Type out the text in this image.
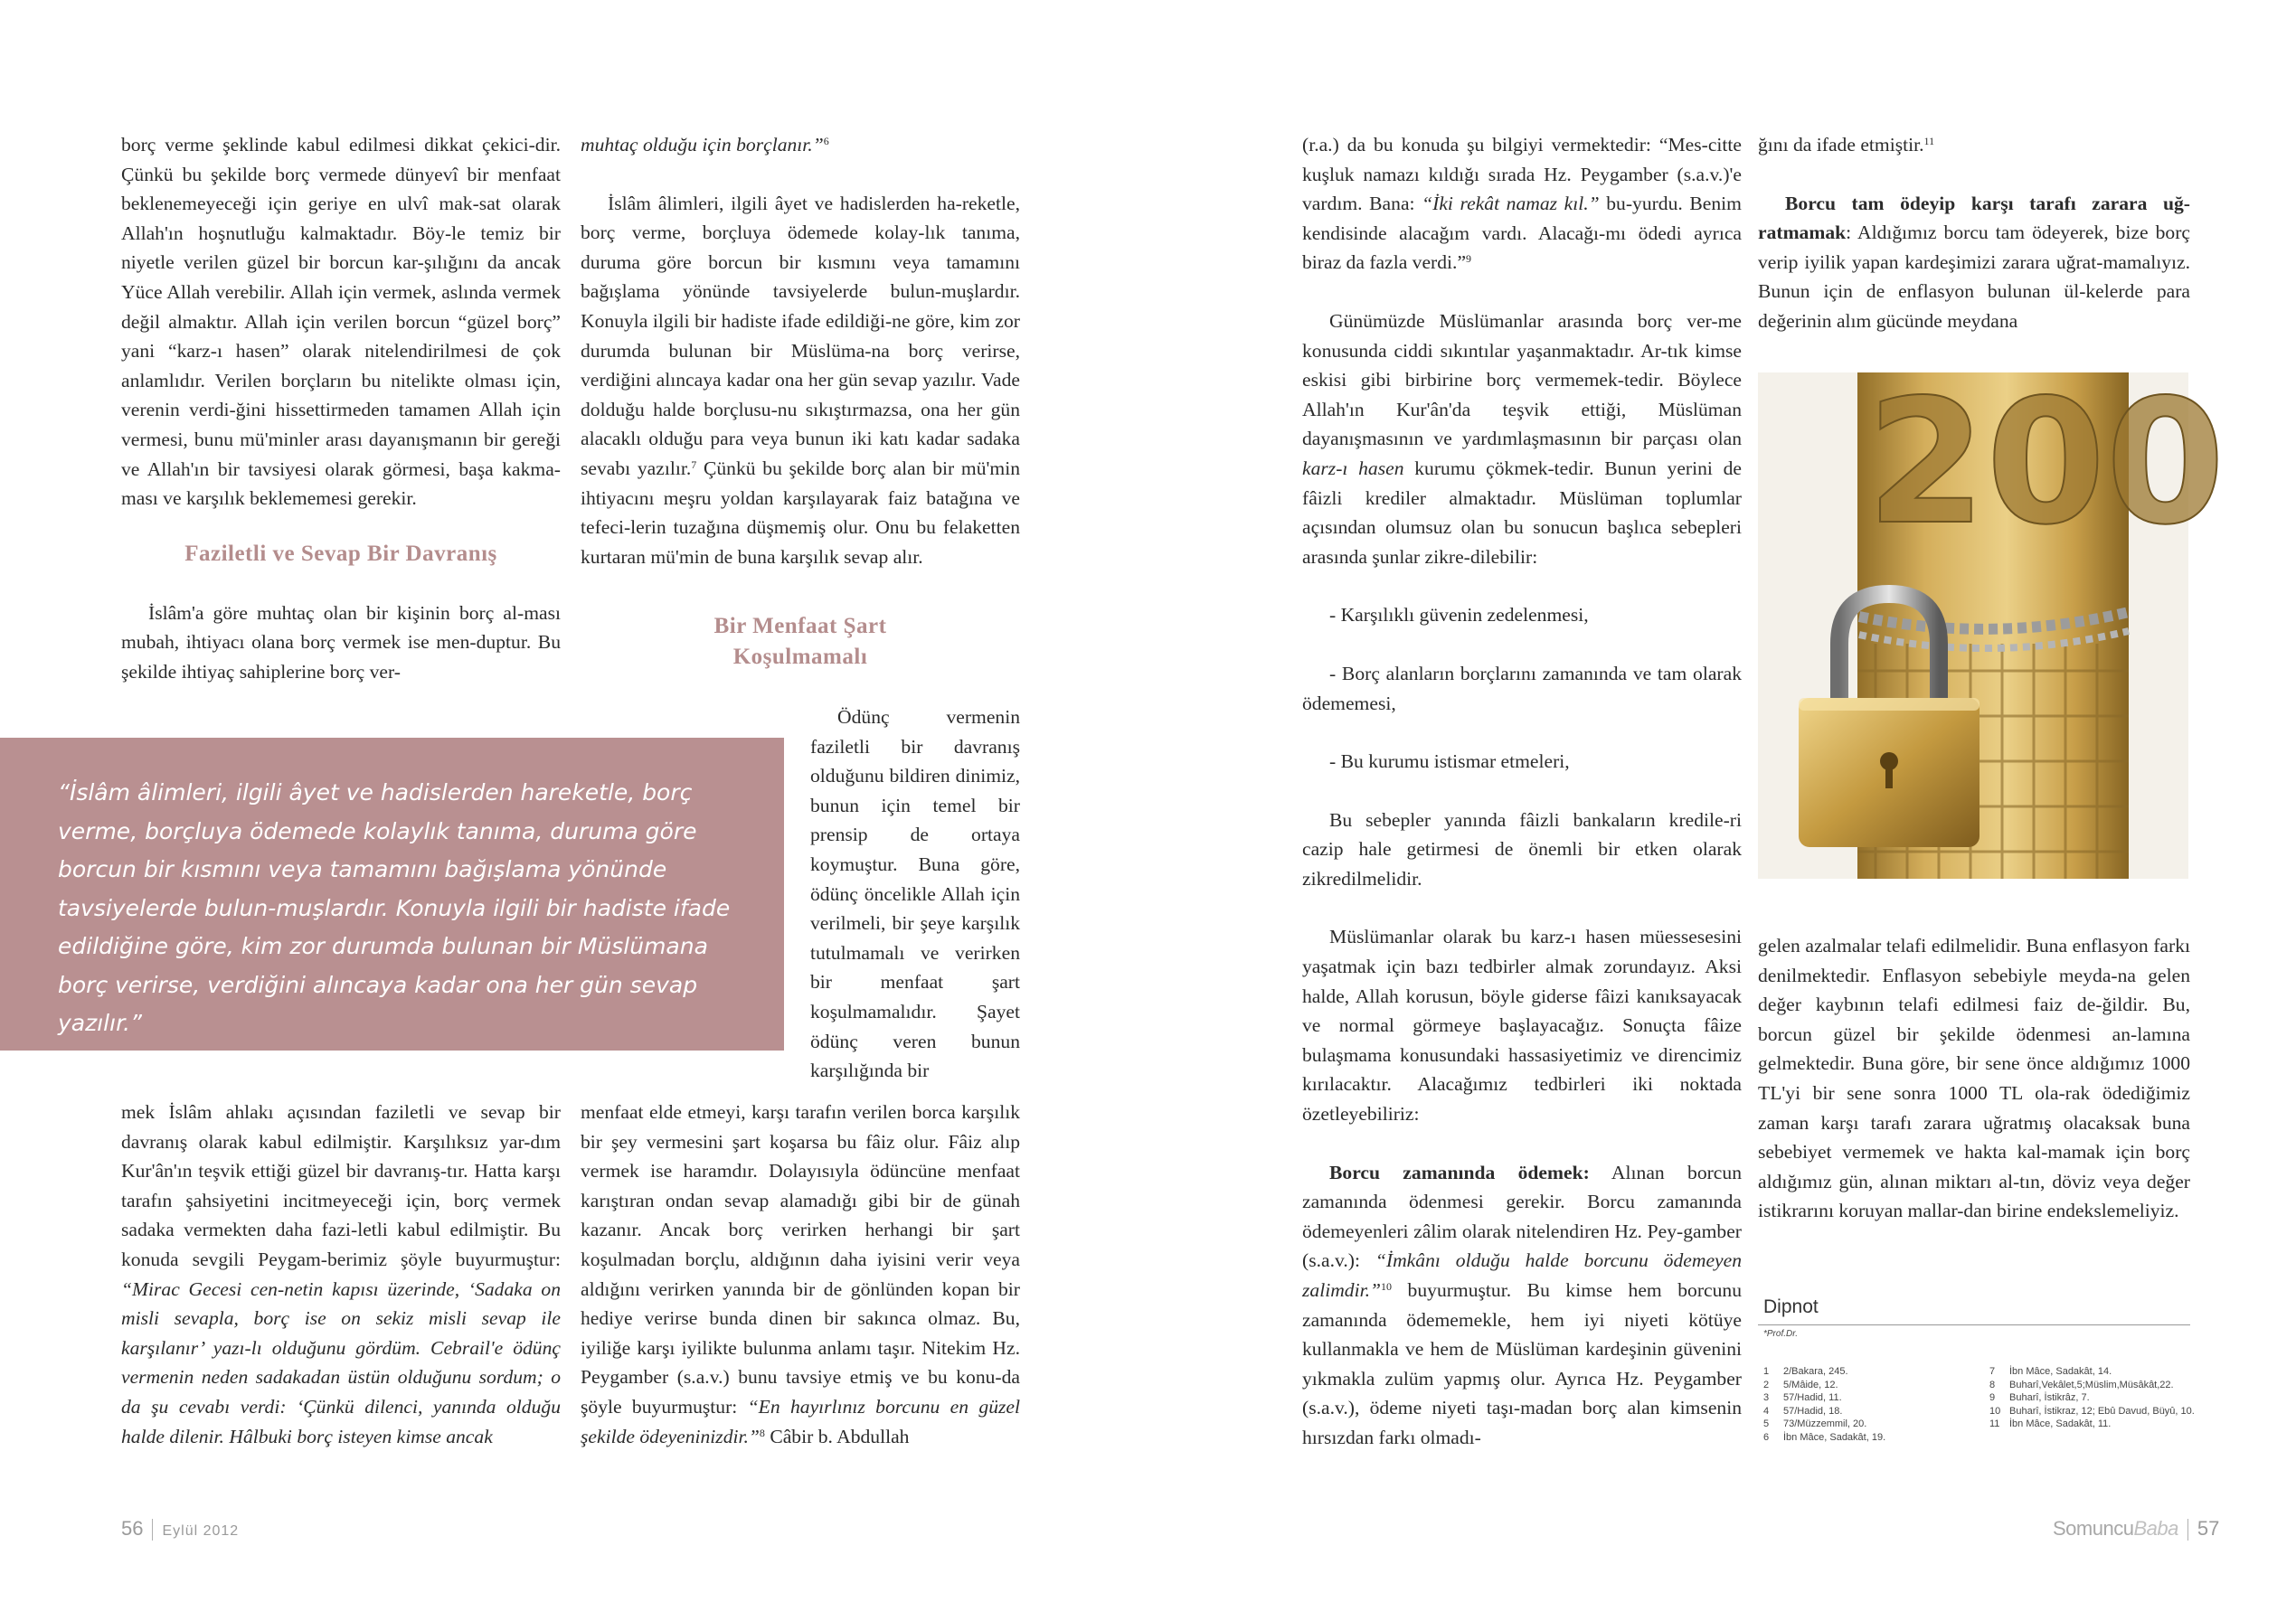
borç verme şeklinde kabul edilmesi dikkat çekici-dir. Çünkü bu şekilde borç vermede dünyevî bir menfaat beklenemeyeceği için geriye en ulvî mak-sat olarak Allah'ın hoşnutluğu kalmaktadır. Böy-le temiz bir niyetle verilen güzel bir borcun kar-şılığını da ancak Yüce Allah verebilir. Allah için vermek, aslında vermek değil almaktır. Allah için verilen borcun “güzel borç” yani “karz-ı hasen” olarak nitelendirilmesi de çok anlamlıdır. Verilen borçların bu nitelikte olması için, verenin verdi-ğini hissettirmeden tamamen Allah için vermesi, bunu mü'minler arası dayanışmanın bir gereği ve Allah'ın bir tavsiyesi olarak görmesi, başa kakma-ması ve karşılık beklememesi gerekir.

Faziletli ve Sevap Bir Davranış

İslâm'a göre muhtaç olan bir kişinin borç al-ması mubah, ihtiyacı olana borç vermek ise men-duptur. Bu şekilde ihtiyaç sahiplerine borç ver-

“İslâm âlimleri, ilgili âyet ve hadislerden hareketle, borç verme, borçluya ödemede kolaylık tanıma, duruma göre borcun bir kısmını veya tamamını bağışlama yönünde tavsiyelerde bulun-muşlardır. Konuyla ilgili bir hadiste ifade edildiğine göre, kim zor durumda bulunan bir Müslümana borç verirse, verdiğini alıncaya kadar ona her gün sevap yazılır.”

mek İslâm ahlakı açısından faziletli ve sevap bir davranış olarak kabul edilmiştir. Karşılıksız yar-dım Kur'ân'ın teşvik ettiği güzel bir davranış-tır. Hatta karşı tarafın şahsiyetini incitmeyeceği için, borç vermek sadaka vermekten daha fazi-letli kabul edilmiştir. Bu konuda sevgili Peygam-berimiz şöyle buyurmuştur: “Mirac Gecesi cen-netin kapısı üzerinde, ‘Sadaka on misli sevapla, borç ise on sekiz misli sevap ile karşılanır’ yazı-lı olduğunu gördüm. Cebrail'e ödünç vermenin neden sadakadan üstün olduğunu sordum; o da şu cevabı verdi: ‘Çünkü dilenci, yanında olduğu halde dilenir. Hâlbuki borç isteyen kimse ancak

muhtaç olduğu için borçlanır.”$^6$

İslâm âlimleri, ilgili âyet ve hadislerden ha-reketle, borç verme, borçluya ödemede kolay-lık tanıma, duruma göre borcun bir kısmını veya tamamını bağışlama yönünde tavsiyelerde bulun-muşlardır. Konuyla ilgili bir hadiste ifade edildiği-ne göre, kim zor durumda bulunan bir Müslüma-na borç verirse, verdiğini alıncaya kadar ona her gün sevap yazılır. Vade dolduğu halde borçlusu-nu sıkıştırmazsa, ona her gün alacaklı olduğu para veya bunun iki katı kadar sadaka sevabı yazılır.$^7$ Çünkü bu şekilde borç alan bir mü'min ihtiyacını meşru yoldan karşılayarak faiz batağına ve tefeci-lerin tuzağına düşmemiş olur. Onu bu felaketten kurtaran mü'min de buna karşılık sevap alır.

Bir Menfaat Şart
Koşulmamalı

Ödünç vermenin faziletli bir davranış olduğunu bildiren dinimiz, bunun için temel bir prensip de ortaya koymuştur. Buna göre, ödünç öncelikle Allah için verilmeli, bir şeye karşılık tutulmamalı ve verirken bir menfaat şart koşulmamalıdır. Şayet ödünç veren bunun karşılığında bir

menfaat elde etmeyi, karşı tarafın verilen borca karşılık bir şey vermesini şart koşarsa bu fâiz olur. Fâiz alıp vermek ise haramdır. Dolayısıyla ödüncüne menfaat karıştıran ondan sevap alamadığı gibi bir de günah kazanır. Ancak borç verirken herhangi bir şart koşulmadan borçlu, aldığının daha iyisini verir veya aldığını verirken yanında bir de gönlünden kopan bir hediye verirse bunda dinen bir sakınca olmaz. Bu, iyiliğe karşı iyilikte bulunma anlamı taşır. Nitekim Hz. Peygamber (s.a.v.) bunu tavsiye etmiş ve bu konu-da şöyle buyurmuştur: “En hayırlınız borcunu en güzel şekilde ödeyeninizdir.”$^8$ Câbir b. Abdullah

56 Eylül 2012

(r.a.) da bu konuda şu bilgiyi vermektedir: “Mes-citte kuşluk namazı kıldığı sırada Hz. Peygamber (s.a.v.)'e vardım. Bana: “İki rekât namaz kıl.” bu-yurdu. Benim kendisinde alacağım vardı. Alacağı-mı ödedi ayrıca biraz da fazla verdi.”$^9$

Günümüzde Müslümanlar arasında borç ver-me konusunda ciddi sıkıntılar yaşanmaktadır. Ar-tık kimse eskisi gibi birbirine borç vermemek-tedir. Böylece Allah'ın Kur'ân'da teşvik ettiği, Müslüman dayanışmasının ve yardımlaşmasının bir parçası olan karz-ı hasen kurumu çökmek-tedir. Bunun yerini de fâizli krediler almaktadır. Müslüman toplumlar açısından olumsuz olan bu sonucun başlıca sebepleri arasında şunlar zikre-dilebilir:

- Karşılıklı güvenin zedelenmesi,

- Borç alanların borçlarını zamanında ve tam olarak ödememesi,

- Bu kurumu istismar etmeleri,

Bu sebepler yanında fâizli bankaların kredile-ri cazip hale getirmesi de önemli bir etken olarak zikredilmelidir.

Müslümanlar olarak bu karz-ı hasen müessesesini yaşatmak için bazı tedbirler almak zorundayız. Aksi halde, Allah korusun, böyle giderse fâizi kanıksayacak ve normal görmeye başlayacağız. Sonuçta fâize bulaşmama konusundaki hassasiyetimiz ve direncimiz kırılacaktır. Alacağımız tedbirleri iki noktada özetleyebiliriz:

Borcu zamanında ödemek: Alınan borcun zamanında ödenmesi gerekir. Borcu zamanında ödemeyenleri zâlim olarak nitelendiren Hz. Pey-gamber (s.a.v.): “İmkânı olduğu halde borcunu ödemeyen zalimdir.”$^{10}$ buyurmuştur. Bu kimse hem borcunu zamanında ödememekle, hem iyi niyeti kötüye kullanmakla ve hem de Müslüman kardeşinin güvenini yıkmakla zulüm yapmış olur. Ayrıca Hz. Peygamber (s.a.v.), ödeme niyeti taşı-madan borç alan kimsenin hırsızdan farkı olmadı-

ğını da ifade etmiştir.$^{11}$

Borcu tam ödeyip karşı tarafı zarara uğ-ratmamak: Aldığımız borcu tam ödeyerek, bize borç verip iyilik yapan kardeşimizi zarara uğrat-mamalıyız. Bunun için de enflasyon bulunan ül-kelerde para değerinin alım gücünde meydana

gelen azalmalar telafi edilmelidir. Buna enflasyon farkı denilmektedir. Enflasyon sebebiyle meyda-na gelen değer kaybının telafi edilmesi faiz de-ğildir. Bu, borcun güzel bir şekilde ödenmesi an-lamına gelmektedir. Buna göre, bir sene önce aldığımız 1000 TL'yi bir sene sonra 1000 TL ola-rak ödediğimiz zaman karşı tarafı zarara uğratmış olacaksak buna sebebiyet vermemek ve hakta kal-mamak için borç aldığımız gün, alınan miktarı al-tın, döviz veya değer istikrarını koruyan mallar-dan birine endekslemeliyiz.

SomuncuBaba 57
200
Dipnot
*Prof.Dr.
1	2/Bakara, 245.
2	5/Mâide, 12.
3	57/Hadid, 11.
4	57/Hadid, 18.
5	73/Müzzemmil, 20.
6	İbn Mâce, Sadakât, 19.
7	İbn Mâce, Sadakât, 14.
8	Buharî,Vekâlet,5;Müslim,Müsâkât,22.
9	Buharî, İstikrâz, 7.
10 Buharî, İstikraz, 12; Ebû Davud, Büyû, 10.
11 İbn Mâce, Sadakât, 11.
